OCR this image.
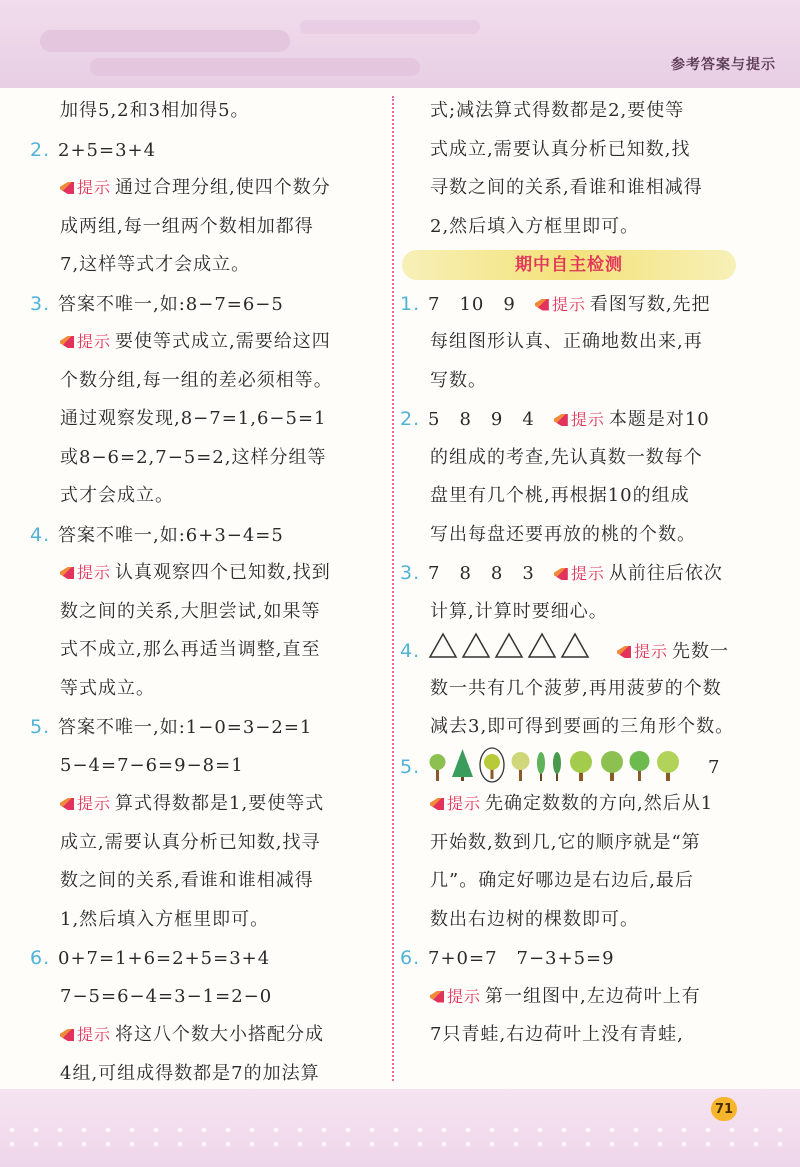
参考答案与提示
加得5,2和3相加得5。
2. 2+5=3+4
提示 通过合理分组,使四个数分
成两组,每一组两个数相加都得
7,这样等式才会成立。
3. 答案不唯一,如:8−7=6−5
提示 要使等式成立,需要给这四
个数分组,每一组的差必须相等。
通过观察发现,8−7=1,6−5=1
或8−6=2,7−5=2,这样分组等
式才会成立。
4. 答案不唯一,如:6+3−4=5
提示 认真观察四个已知数,找到
数之间的关系,大胆尝试,如果等
式不成立,那么再适当调整,直至
等式成立。
5. 答案不唯一,如:1−0=3−2=1
5−4=7−6=9−8=1
提示 算式得数都是1,要使等式
成立,需要认真分析已知数,找寻
数之间的关系,看谁和谁相减得
1,然后填入方框里即可。
6. 0+7=1+6=2+5=3+4
7−5=6−4=3−1=2−0
提示 将这八个数大小搭配分成
4组,可组成得数都是7的加法算
式;减法算式得数都是2,要使等
式成立,需要认真分析已知数,找
寻数之间的关系,看谁和谁相减得
2,然后填入方框里即可。
期中自主检测
1. 7　10　9　 提示 看图写数,先把
每组图形认真、正确地数出来,再
写数。
2. 5　8　9　4　 提示 本题是对10
的组成的考查,先认真数一数每个
盘里有几个桃,再根据10的组成
写出每盘还要再放的桃的个数。
3. 7　8　8　3　 提示 从前往后依次
计算,计算时要细心。
4.　	提示 先数一
数一共有几个菠萝,再用菠萝的个数
减去3,即可得到要画的三角形个数。
5.	7
提示 先确定数数的方向,然后从1
开始数,数到几,它的顺序就是“第
几”。确定好哪边是右边后,最后
数出右边树的棵数即可。
6. 7+0=7　7−3+5=9
提示 第一组图中,左边荷叶上有
7只青蛙,右边荷叶上没有青蛙,
71
